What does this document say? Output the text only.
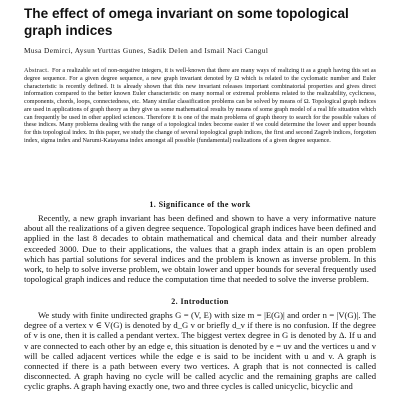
The effect of omega invariant on some topological graph indices

Musa Demirci, Aysun Yurttas Gunes, Sadik Delen and Ismail Naci Cangul

Abstract. For a realizable set of non-negative integers, it is well-known that there are many ways of realizing it as a graph having this set as degree sequence. For a given degree sequence, a new graph invariant denoted by Ω which is related to the cyclomatic number and Euler characteristic is recently defined. It is already shown that this new invariant releases important combinatorial properties and gives direct information compared to the better known Euler characteristic on many normal or extremal problems related to the realizability, cyclicness, components, chords, loops, connectedness, etc. Many similar classification problems can be solved by means of Ω. Topological graph indices are used in applications of graph theory as they give us some mathematical results by means of some graph model of a real life situation which can frequently be used in other applied sciences. Therefore it is one of the main problems of graph theory to search for the possible values of these indices. Many problems dealing with the range of a topological index become easier if we could determine the lower and upper bounds for this topological index. In this paper, we study the change of several topological graph indices, the first and second Zagreb indices, forgotten index, sigma index and Narumi-Katayama index amongst all possible (fundamental) realizations of a given degree sequence.

1. Significance of the work

Recently, a new graph invariant has been defined and shown to have a very informative nature about all the realizations of a given degree sequence. Topological graph indices have been defined and applied in the last 8 decades to obtain mathematical and chemical data and their number already exceeded 3000. Due to their applications, the values that a graph index attain is an open problem which has partial solutions for several indices and the problem is known as inverse problem. In this work, to help to solve inverse problem, we obtain lower and upper bounds for several frequently used topological graph indices and reduce the computation time that needed to solve the inverse problem.

2. Introduction

We study with finite undirected graphs G = (V, E) with size m = |E(G)| and order n = |V(G)|. The degree of a vertex v ∈ V(G) is denoted by d_G v or briefly d_v if there is no confusion. If the degree of v is one, then it is called a pendant vertex. The biggest vertex degree in G is denoted by Δ. If u and v are connected to each other by an edge e, this situation is denoted by e = uv and the vertices u and v will be called adjacent vertices while the edge e is said to be incident with u and v. A graph is connected if there is a path between every two vertices. A graph that is not connected is called disconnected. A graph having no cycle will be called acyclic and the remaining graphs are called cyclic graphs. A graph having exactly one, two and three cycles is called unicyclic, bicyclic and
